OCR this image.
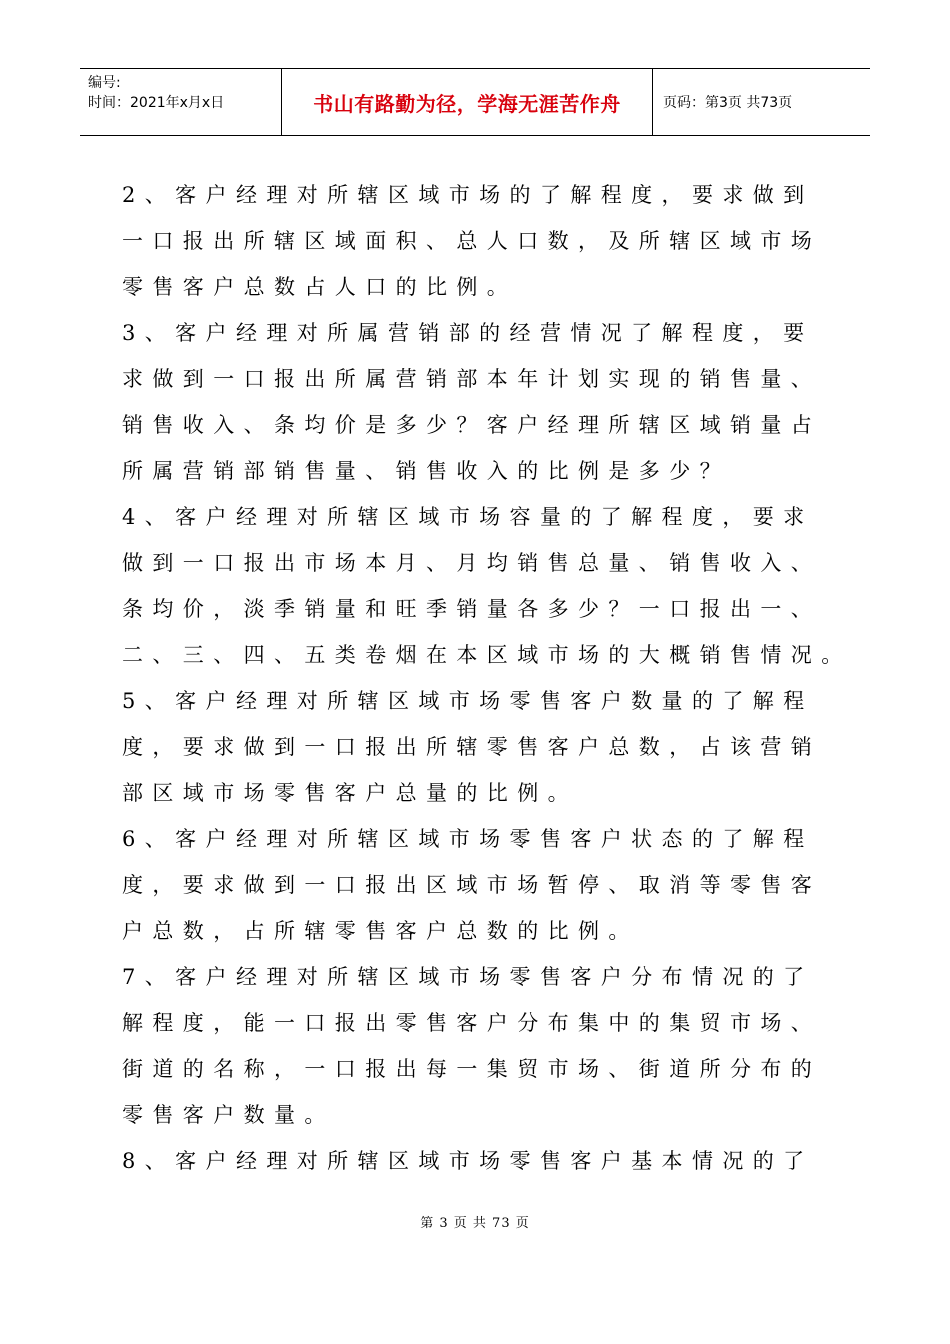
编号:
时间：2021年x月x日	书山有路勤为径，学海无涯苦作舟	页码：第3页 共73页
2、客户经理对所辖区域市场的了解程度，要求做到
一口报出所辖区域面积、总人口数，及所辖区域市场
零售客户总数占人口的比例。
3、客户经理对所属营销部的经营情况了解程度，要
求做到一口报出所属营销部本年计划实现的销售量、
销售收入、条均价是多少？客户经理所辖区域销量占
所属营销部销售量、销售收入的比例是多少？
4、客户经理对所辖区域市场容量的了解程度，要求
做到一口报出市场本月、月均销售总量、销售收入、
条均价，淡季销量和旺季销量各多少？一口报出一、
二、三、四、五类卷烟在本区域市场的大概销售情况。
5、客户经理对所辖区域市场零售客户数量的了解程
度，要求做到一口报出所辖零售客户总数，占该营销
部区域市场零售客户总量的比例。
6、客户经理对所辖区域市场零售客户状态的了解程
度，要求做到一口报出区域市场暂停、取消等零售客
户总数，占所辖零售客户总数的比例。
7、客户经理对所辖区域市场零售客户分布情况的了
解程度，能一口报出零售客户分布集中的集贸市场、
街道的名称，一口报出每一集贸市场、街道所分布的
零售客户数量。
8、客户经理对所辖区域市场零售客户基本情况的了
第 3 页 共 73 页
